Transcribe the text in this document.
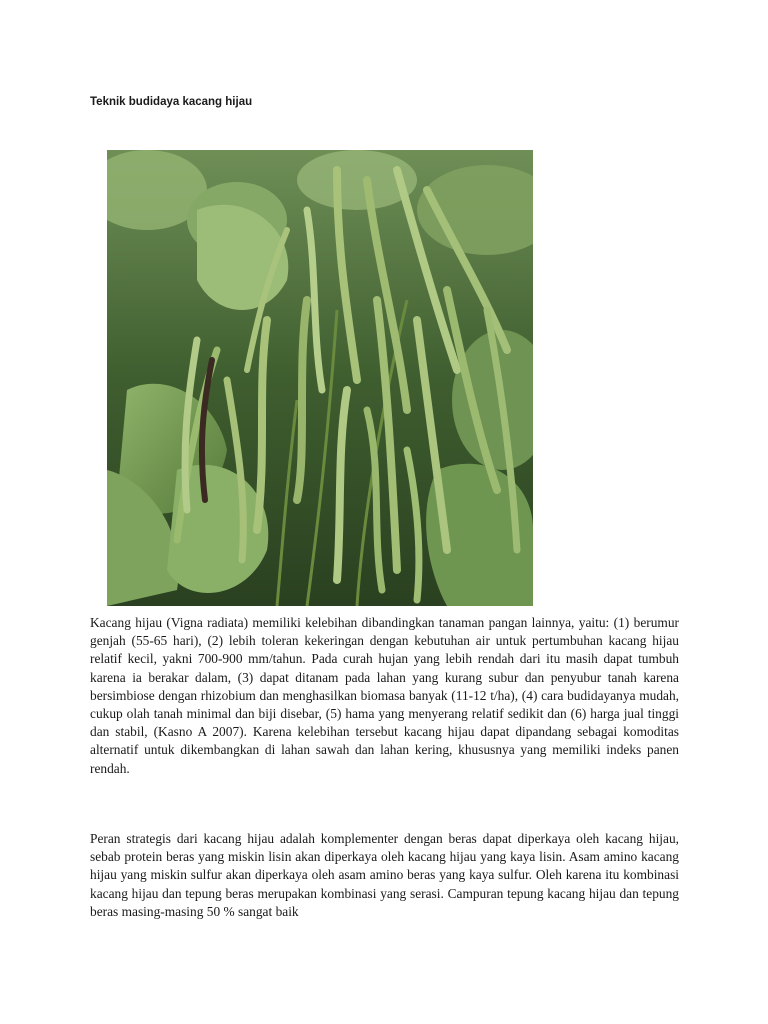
Teknik budidaya kacang hijau

Kacang hijau (Vigna radiata) memiliki kelebihan dibandingkan tanaman pangan lainnya, yaitu: (1) berumur genjah (55-65 hari), (2) lebih toleran kekeringan dengan kebutuhan air untuk pertumbuhan kacang hijau relatif kecil, yakni 700-900 mm/tahun. Pada curah hujan yang lebih rendah dari itu masih dapat tumbuh karena ia berakar dalam, (3) dapat ditanam pada lahan yang kurang subur dan penyubur tanah karena bersimbiose dengan rhizobium dan menghasilkan biomasa banyak (11-12 t/ha), (4) cara budidayanya mudah, cukup olah tanah minimal dan biji disebar, (5) hama yang menyerang relatif sedikit dan (6) harga jual tinggi dan stabil, (Kasno A 2007). Karena kelebihan tersebut kacang hijau dapat dipandang sebagai komoditas alternatif untuk dikembangkan di lahan sawah dan lahan kering, khususnya yang memiliki indeks panen rendah.

Peran strategis dari kacang hijau adalah komplementer dengan beras dapat diperkaya oleh kacang hijau, sebab protein beras yang miskin lisin akan diperkaya oleh kacang hijau yang kaya lisin. Asam amino kacang hijau yang miskin sulfur akan diperkaya oleh asam amino beras yang kaya sulfur. Oleh karena itu kombinasi kacang hijau dan tepung beras merupakan kombinasi yang serasi. Campuran tepung kacang hijau dan tepung beras masing-masing 50 % sangat baik
